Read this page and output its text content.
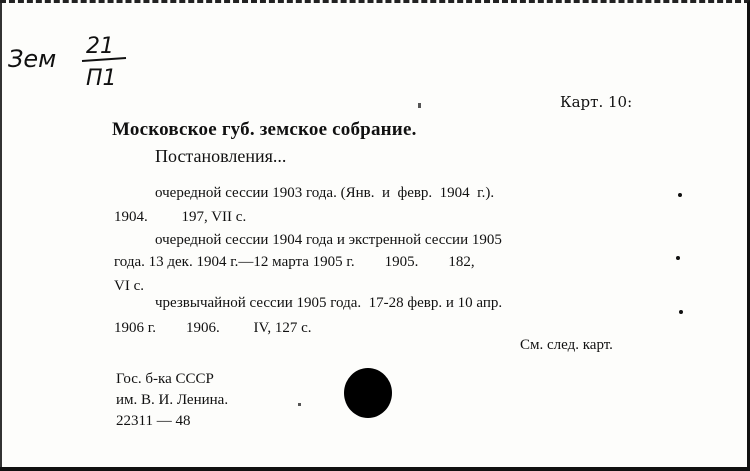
Зем 21
П1
Карт. 10:
Московское губ. земское собрание.
Постановления...
очередной сессии 1903 года. (Янв.  и  февр.  1904  г.).
1904.         197, VII с.
очередной сессии 1904 года и экстренной сессии 1905
года. 13 дек. 1904 г.—12 марта 1905 г.        1905.        182,
VI с.
чрезвычайной сессии 1905 года.  17-28 февр. и 10 апр.
1906 г.        1906.         IV, 127 с.
См. след. карт.
Гос. б-ка СССР
им. В. И. Ленина.
22311 — 48
